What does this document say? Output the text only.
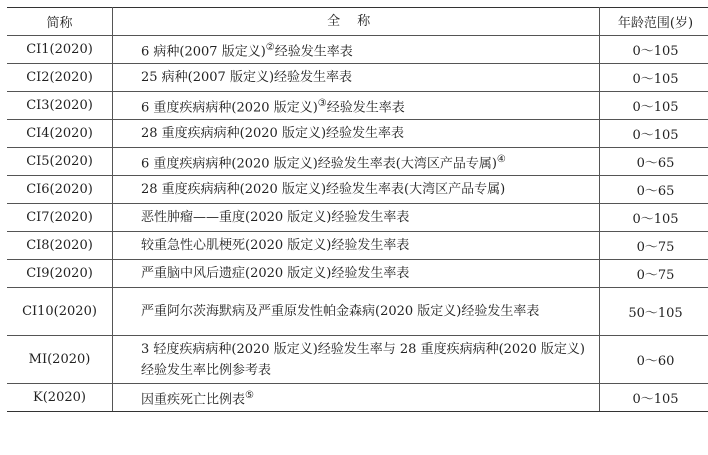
简称	全 称	年龄范围(岁)
CI1(2020)	6 病种(2007 版定义)②经验发生率表	0～105
CI2(2020)	25 病种(2007 版定义)经验发生率表	0～105
CI3(2020)	6 重度疾病病种(2020 版定义)③经验发生率表	0～105
CI4(2020)	28 重度疾病病种(2020 版定义)经验发生率表	0～105
CI5(2020)	6 重度疾病病种(2020 版定义)经验发生率表(大湾区产品专属)④	0～65
CI6(2020)	28 重度疾病病种(2020 版定义)经验发生率表(大湾区产品专属)	0～65
CI7(2020)	恶性肿瘤——重度(2020 版定义)经验发生率表	0～105
CI8(2020)	较重急性心肌梗死(2020 版定义)经验发生率表	0～75
CI9(2020)	严重脑中风后遗症(2020 版定义)经验发生率表	0～75
CI10(2020)	严重阿尔茨海默病及严重原发性帕金森病(2020 版定义)经验发生率表	50～105
MI(2020)	3 轻度疾病病种(2020 版定义)经验发生率与 28 重度疾病病种(2020 版定义)经验发生率比例参考表	0～60
K(2020)	因重疾死亡比例表⑤	0～105
